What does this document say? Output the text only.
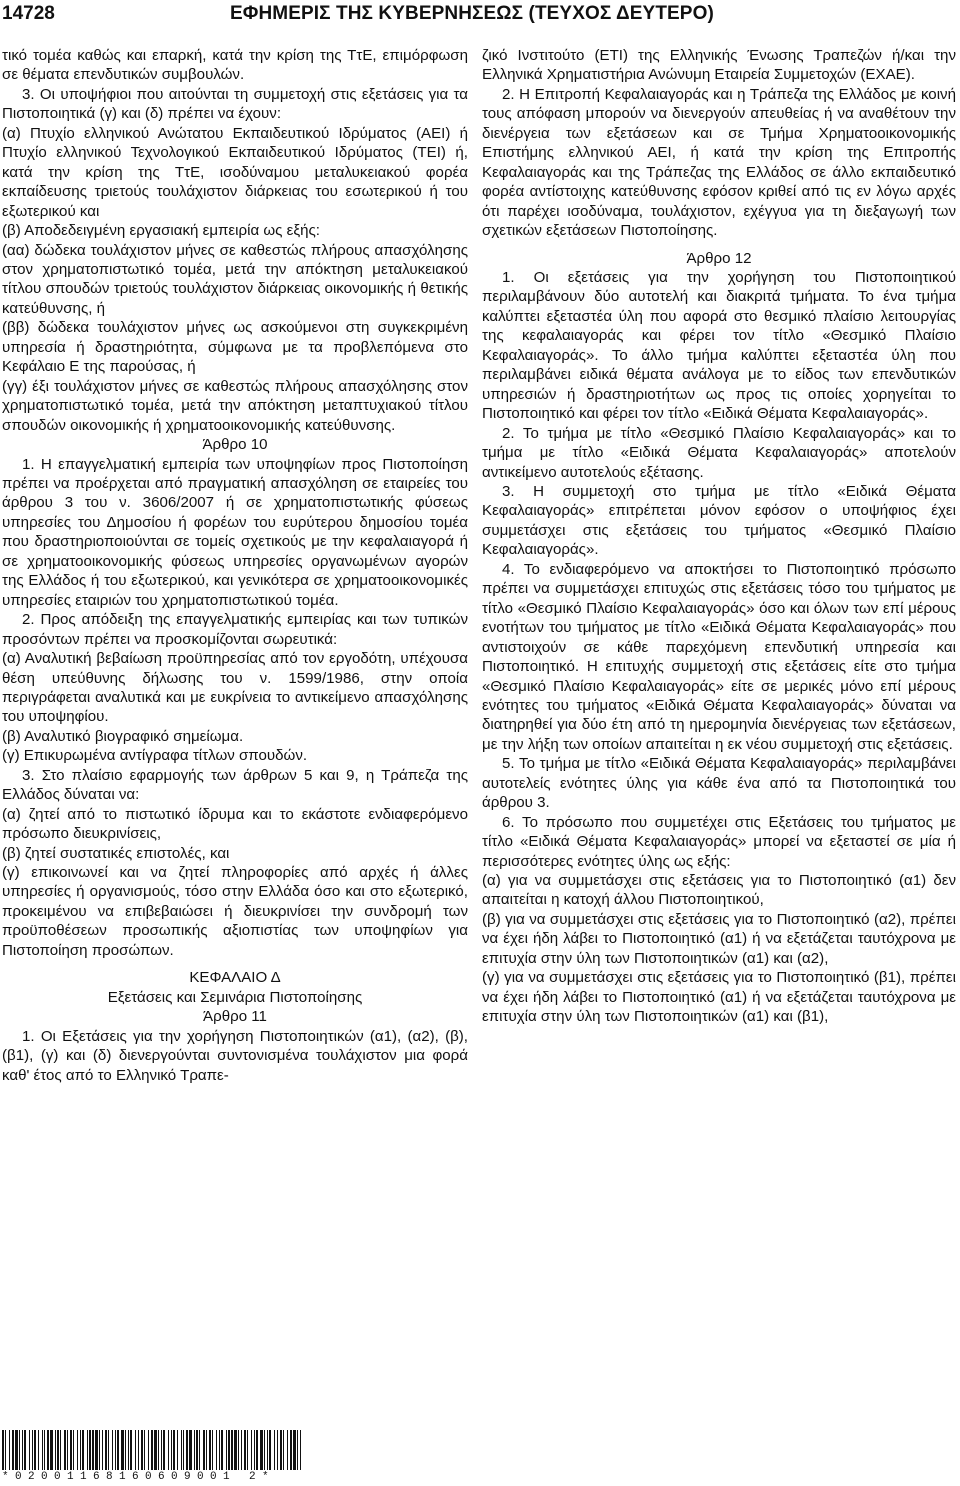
14728	ΕΦΗΜΕΡΙΣ ΤΗΣ ΚΥΒΕΡΝΗΣΕΩΣ (ΤΕΥΧΟΣ ΔΕΥΤΕΡΟ)

τικό τομέα καθώς και επαρκή, κατά την κρίση της ΤτΕ, επιμόρφωση σε θέματα επενδυτικών συμβουλών.

3. Οι υποψήφιοι που αιτούνται τη συμμετοχή στις εξετάσεις για τα Πιστοποιητικά (γ) και (δ) πρέπει να έχουν:

(α) Πτυχίο ελληνικού Ανώτατου Εκπαιδευτικού Ιδρύματος (ΑΕΙ) ή Πτυχίο ελληνικού Τεχνολογικού Εκπαιδευτικού Ιδρύματος (ΤΕΙ) ή, κατά την κρίση της ΤτΕ, ισοδύναμου μεταλυκειακού φορέα εκπαίδευσης τριετούς τουλάχιστον διάρκειας του εσωτερικού ή του εξωτερικού και

(β) Αποδεδειγμένη εργασιακή εμπειρία ως εξής:

(αα) δώδεκα τουλάχιστον μήνες σε καθεστώς πλήρους απασχόλησης στον χρηματοπιστωτικό τομέα, μετά την απόκτηση μεταλυκειακού τίτλου σπουδών τριετούς τουλάχιστον διάρκειας οικονομικής ή θετικής κατεύθυνσης, ή

(ββ) δώδεκα τουλάχιστον μήνες ως ασκούμενοι στη συγκεκριμένη υπηρεσία ή δραστηριότητα, σύμφωνα με τα προβλεπόμενα στο Κεφάλαιο Ε της παρούσας, ή

(γγ) έξι τουλάχιστον μήνες σε καθεστώς πλήρους απασχόλησης στον χρηματοπιστωτικό τομέα, μετά την απόκτηση μεταπτυχιακού τίτλου σπουδών οικονομικής ή χρηματοοικονομικής κατεύθυνσης.

Άρθρο 10

1. Η επαγγελματική εμπειρία των υποψηφίων προς Πιστοποίηση πρέπει να προέρχεται από πραγματική απασχόληση σε εταιρείες του άρθρου 3 του ν. 3606/2007 ή σε χρηματοπιστωτικής φύσεως υπηρεσίες του Δημοσίου ή φορέων του ευρύτερου δημοσίου τομέα που δραστηριοποιούνται σε τομείς σχετικούς με την κεφαλαιαγορά ή σε χρηματοοικονομικής φύσεως υπηρεσίες οργανωμένων αγορών της Ελλάδος ή του εξωτερικού, και γενικότερα σε χρηματοοικονομικές υπηρεσίες εταιριών του χρηματοπιστωτικού τομέα.

2. Προς απόδειξη της επαγγελματικής εμπειρίας και των τυπικών προσόντων πρέπει να προσκομίζονται σωρευτικά:

(α) Αναλυτική βεβαίωση προϋπηρεσίας από τον εργοδότη, υπέχουσα θέση υπεύθυνης δήλωσης του ν. 1599/1986, στην οποία περιγράφεται αναλυτικά και με ευκρίνεια το αντικείμενο απασχόλησης του υποψηφίου.

(β) Αναλυτικό βιογραφικό σημείωμα.

(γ) Επικυρωμένα αντίγραφα τίτλων σπουδών.

3. Στο πλαίσιο εφαρμογής των άρθρων 5 και 9, η Τράπεζα της Ελλάδος δύναται να:

(α) ζητεί από το πιστωτικό ίδρυμα και το εκάστοτε ενδιαφερόμενο πρόσωπο διευκρινίσεις,

(β) ζητεί συστατικές επιστολές, και

(γ) επικοινωνεί και να ζητεί πληροφορίες από αρχές ή άλλες υπηρεσίες ή οργανισμούς, τόσο στην Ελλάδα όσο και στο εξωτερικό, προκειμένου να επιβεβαιώσει ή διευκρινίσει την συνδρομή των προϋποθέσεων προσωπικής αξιοπιστίας των υποψηφίων για Πιστοποίηση προσώπων.

ΚΕΦΑΛΑΙΟ Δ

Εξετάσεις και Σεμινάρια Πιστοποίησης

Άρθρο 11

1. Οι Εξετάσεις για την χορήγηση Πιστοποιητικών (α1), (α2), (β), (β1), (γ) και (δ) διενεργούνται συντονισμένα τουλάχιστον μια φορά καθ' έτος από το Ελληνικό Τραπε-

ζικό Ινστιτούτο (ΕΤΙ) της Ελληνικής Ένωσης Τραπεζών ή/και την Ελληνικά Χρηματιστήρια Ανώνυμη Εταιρεία Συμμετοχών (ΕΧΑΕ).

2. Η Επιτροπή Κεφαλαιαγοράς και η Τράπεζα της Ελλάδος με κοινή τους απόφαση μπορούν να διενεργούν απευθείας ή να αναθέτουν την διενέργεια των εξετάσεων και σε Τμήμα Χρηματοοικονομικής Επιστήμης ελληνικού ΑΕΙ, ή κατά την κρίση της Επιτροπής Κεφαλαιαγοράς και της Τράπεζας της Ελλάδος σε άλλο εκπαιδευτικό φορέα αντίστοιχης κατεύθυνσης εφόσον κριθεί από τις εν λόγω αρχές ότι παρέχει ισοδύναμα, τουλάχιστον, εχέγγυα για τη διεξαγωγή των σχετικών εξετάσεων Πιστοποίησης.

Άρθρο 12

1. Οι εξετάσεις για την χορήγηση του Πιστοποιητικού περιλαμβάνουν δύο αυτοτελή και διακριτά τμήματα. Το ένα τμήμα καλύπτει εξεταστέα ύλη που αφορά στο θεσμικό πλαίσιο λειτουργίας της κεφαλαιαγοράς και φέρει τον τίτλο «Θεσμικό Πλαίσιο Κεφαλαιαγοράς». Το άλλο τμήμα καλύπτει εξεταστέα ύλη που περιλαμβάνει ειδικά θέματα ανάλογα με το είδος των επενδυτικών υπηρεσιών ή δραστηριοτήτων ως προς τις οποίες χορηγείται το Πιστοποιητικό και φέρει τον τίτλο «Ειδικά Θέματα Κεφαλαιαγοράς».

2. Το τμήμα με τίτλο «Θεσμικό Πλαίσιο Κεφαλαιαγοράς» και το τμήμα με τίτλο «Ειδικά Θέματα Κεφαλαιαγοράς» αποτελούν αντικείμενο αυτοτελούς εξέτασης.

3. Η συμμετοχή στο τμήμα με τίτλο «Ειδικά Θέματα Κεφαλαιαγοράς» επιτρέπεται μόνον εφόσον ο υποψήφιος έχει συμμετάσχει στις εξετάσεις του τμήματος «Θεσμικό Πλαίσιο Κεφαλαιαγοράς».

4. Το ενδιαφερόμενο να αποκτήσει το Πιστοποιητικό πρόσωπο πρέπει να συμμετάσχει επιτυχώς στις εξετάσεις τόσο του τμήματος με τίτλο «Θεσμικό Πλαίσιο Κεφαλαιαγοράς» όσο και όλων των επί μέρους ενοτήτων του τμήματος με τίτλο «Ειδικά Θέματα Κεφαλαιαγοράς» που αντιστοιχούν σε κάθε παρεχόμενη επενδυτική υπηρεσία και Πιστοποιητικό. Η επιτυχής συμμετοχή στις εξετάσεις είτε στο τμήμα «Θεσμικό Πλαίσιο Κεφαλαιαγοράς» είτε σε μερικές μόνο επί μέρους ενότητες του τμήματος «Ειδικά Θέματα Κεφαλαιαγοράς» δύναται να διατηρηθεί για δύο έτη από τη ημερομηνία διενέργειας των εξετάσεων, με την λήξη των οποίων απαιτείται η εκ νέου συμμετοχή στις εξετάσεις.

5. Το τμήμα με τίτλο «Ειδικά Θέματα Κεφαλαιαγοράς» περιλαμβάνει αυτοτελείς ενότητες ύλης για κάθε ένα από τα Πιστοποιητικά του άρθρου 3.

6. Το πρόσωπο που συμμετέχει στις Εξετάσεις του τμήματος με τίτλο «Ειδικά Θέματα Κεφαλαιαγοράς» μπορεί να εξεταστεί σε μία ή περισσότερες ενότητες ύλης ως εξής:

(α) για να συμμετάσχει στις εξετάσεις για το Πιστοποιητικό (α1) δεν απαιτείται η κατοχή άλλου Πιστοποιητικού,

(β) για να συμμετάσχει στις εξετάσεις για το Πιστοποιητικό (α2), πρέπει να έχει ήδη λάβει το Πιστοποιητικό (α1) ή να εξετάζεται ταυτόχρονα με επιτυχία στην ύλη των Πιστοποιητικών (α1) και (α2),

(γ) για να συμμετάσχει στις εξετάσεις για το Πιστοποιητικό (β1), πρέπει να έχει ήδη λάβει το Πιστοποιητικό (α1) ή να εξετάζεται ταυτόχρονα με επιτυχία στην ύλη των Πιστοποιητικών (α1) και (β1),

*02001168160609001 2*
